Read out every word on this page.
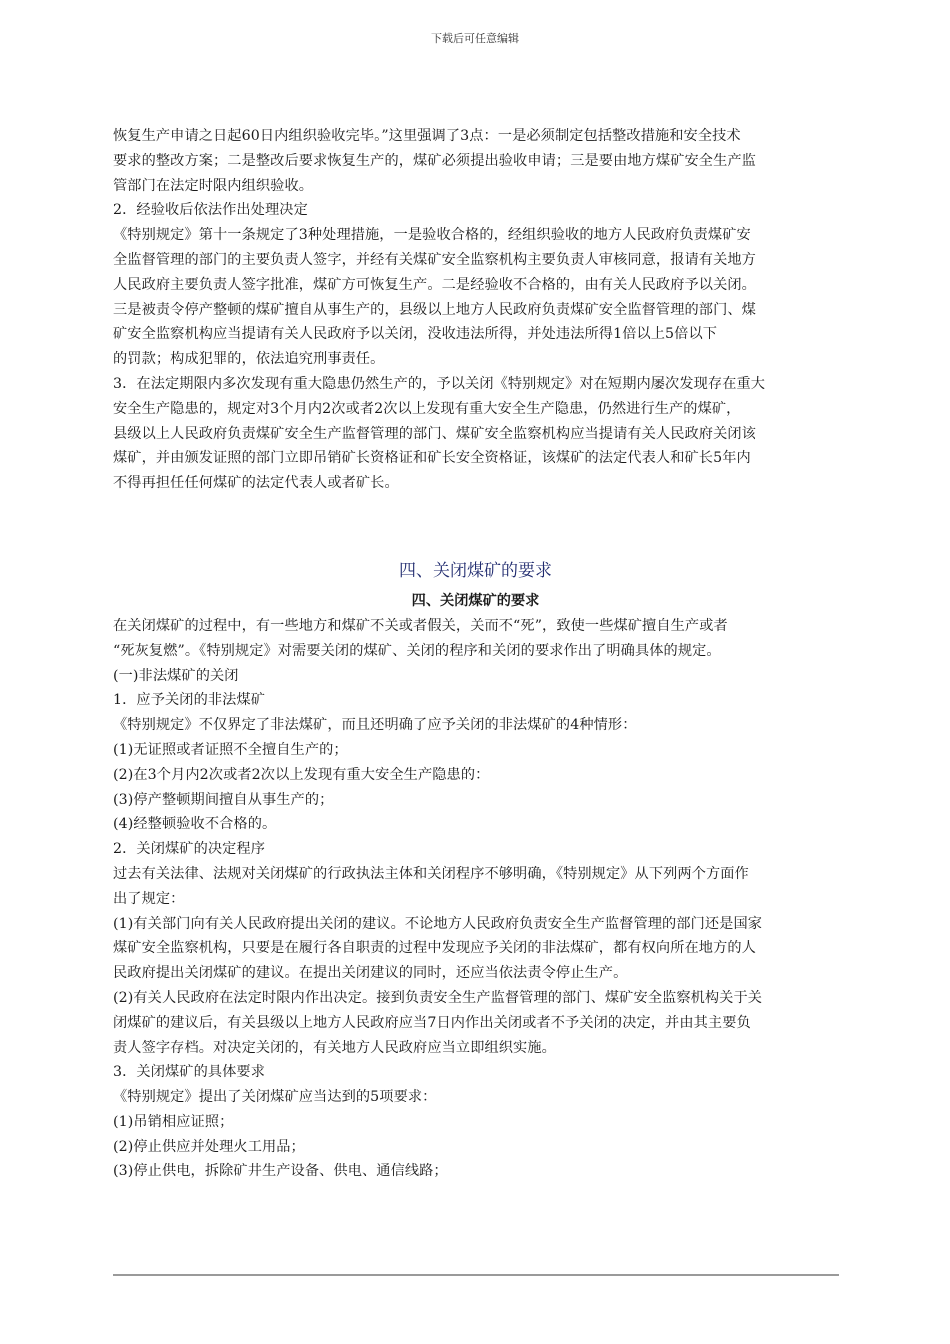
下载后可任意编辑
恢复生产申请之日起60日内组织验收完毕。”这里强调了3点：一是必须制定包括整改措施和安全技术
要求的整改方案；二是整改后要求恢复生产的，煤矿必须提出验收申请；三是要由地方煤矿安全生产监
管部门在法定时限内组织验收。
2．经验收后依法作出处理决定
《特别规定》第十一条规定了3种处理措施，一是验收合格的，经组织验收的地方人民政府负责煤矿安
全监督管理的部门的主要负责人签字，并经有关煤矿安全监察机构主要负责人审核同意，报请有关地方
人民政府主要负责人签字批准，煤矿方可恢复生产。二是经验收不合格的，由有关人民政府予以关闭。
三是被责令停产整顿的煤矿擅自从事生产的，县级以上地方人民政府负责煤矿安全监督管理的部门、煤
矿安全监察机构应当提请有关人民政府予以关闭，没收违法所得，并处违法所得1倍以上5倍以下
的罚款；构成犯罪的，依法追究刑事责任。
3．在法定期限内多次发现有重大隐患仍然生产的，予以关闭《特别规定》对在短期内屡次发现存在重大
安全生产隐患的，规定对3个月内2次或者2次以上发现有重大安全生产隐患，仍然进行生产的煤矿，
县级以上人民政府负责煤矿安全生产监督管理的部门、煤矿安全监察机构应当提请有关人民政府关闭该
煤矿，并由颁发证照的部门立即吊销矿长资格证和矿长安全资格证，该煤矿的法定代表人和矿长5年内
不得再担任任何煤矿的法定代表人或者矿长。
四、关闭煤矿的要求
四、关闭煤矿的要求
在关闭煤矿的过程中，有一些地方和煤矿不关或者假关，关而不“死”，致使一些煤矿擅自生产或者
“死灰复燃”。《特别规定》对需要关闭的煤矿、关闭的程序和关闭的要求作出了明确具体的规定。
(一)非法煤矿的关闭
1．应予关闭的非法煤矿
《特别规定》不仅界定了非法煤矿，而且还明确了应予关闭的非法煤矿的4种情形：
(1)无证照或者证照不全擅自生产的；
(2)在3个月内2次或者2次以上发现有重大安全生产隐患的：
(3)停产整顿期间擅自从事生产的；
(4)经整顿验收不合格的。
2．关闭煤矿的决定程序
过去有关法律、法规对关闭煤矿的行政执法主体和关闭程序不够明确，《特别规定》从下列两个方面作
出了规定：
(1)有关部门向有关人民政府提出关闭的建议。不论地方人民政府负责安全生产监督管理的部门还是国家
煤矿安全监察机构，只要是在履行各自职责的过程中发现应予关闭的非法煤矿，都有权向所在地方的人
民政府提出关闭煤矿的建议。在提出关闭建议的同时，还应当依法责令停止生产。
(2)有关人民政府在法定时限内作出决定。接到负责安全生产监督管理的部门、煤矿安全监察机构关于关
闭煤矿的建议后，有关县级以上地方人民政府应当7日内作出关闭或者不予关闭的决定，并由其主要负
责人签字存档。对决定关闭的，有关地方人民政府应当立即组织实施。
3．关闭煤矿的具体要求
《特别规定》提出了关闭煤矿应当达到的5项要求：
(1)吊销相应证照；
(2)停止供应并处理火工用品；
(3)停止供电，拆除矿井生产设备、供电、通信线路；
